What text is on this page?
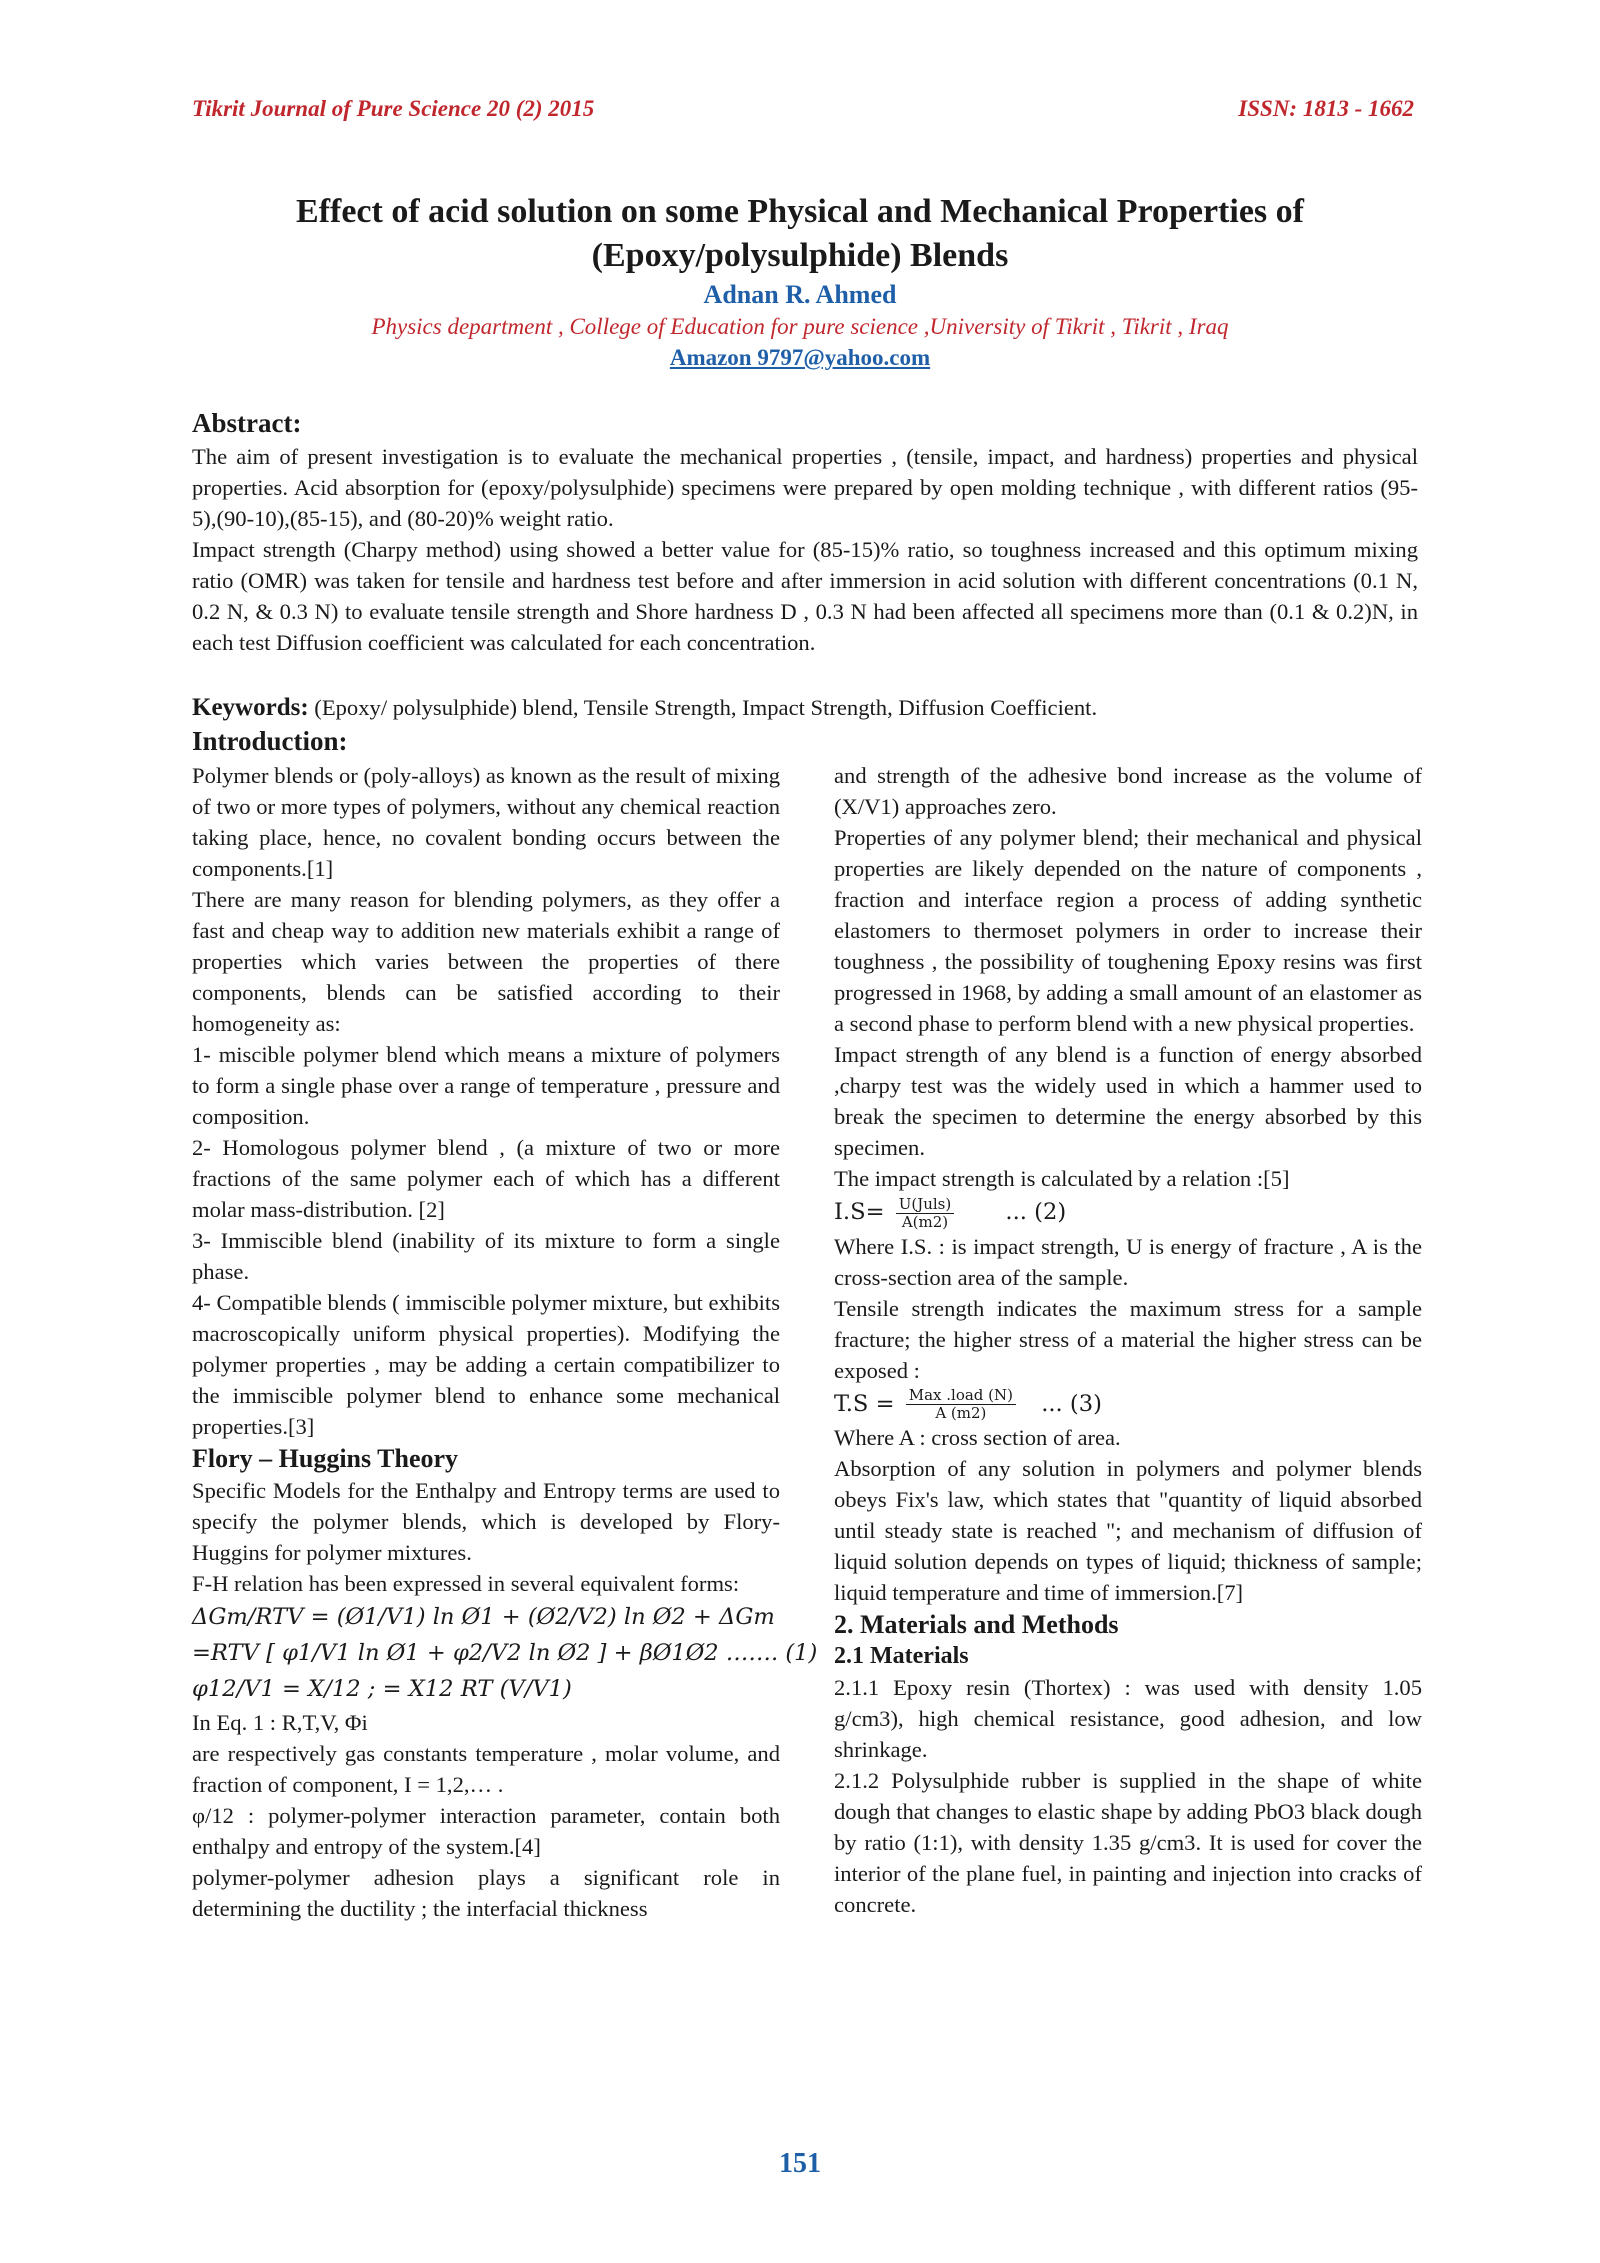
Tikrit Journal of Pure Science 20 (2) 2015	ISSN: 1813 - 1662
Effect of acid solution on some Physical and Mechanical Properties of
(Epoxy/polysulphide) Blends
Adnan R. Ahmed
Physics department , College of Education for pure science ,University of Tikrit , Tikrit , Iraq
Amazon 9797@yahoo.com
Abstract:

The aim of present investigation is to evaluate the mechanical properties , (tensile, impact, and hardness) properties and physical properties. Acid absorption for (epoxy/polysulphide) specimens were prepared by open molding technique , with different ratios (95-5),(90-10),(85-15), and (80-20)% weight ratio.

Impact strength (Charpy method) using showed a better value for (85-15)% ratio, so toughness increased and this optimum mixing ratio (OMR) was taken for tensile and hardness test before and after immersion in acid solution with different concentrations (0.1 N, 0.2 N, & 0.3 N) to evaluate tensile strength and Shore hardness D , 0.3 N had been affected all specimens more than (0.1 & 0.2)N, in each test Diffusion coefficient was calculated for each concentration.

Keywords: (Epoxy/ polysulphide) blend, Tensile Strength, Impact Strength, Diffusion Coefficient.
Introduction:

Polymer blends or (poly-alloys) as known as the result of mixing of two or more types of polymers, without any chemical reaction taking place, hence, no covalent bonding occurs between the components.[1]

There are many reason for blending polymers, as they offer a fast and cheap way to addition new materials exhibit a range of properties which varies between the properties of there components, blends can be satisfied according to their homogeneity as:

1- miscible polymer blend which means a mixture of polymers to form a single phase over a range of temperature , pressure and composition.

2- Homologous polymer blend , (a mixture of two or more fractions of the same polymer each of which has a different molar mass-distribution. [2]

3- Immiscible blend (inability of its mixture to form a single phase.

4- Compatible blends ( immiscible polymer mixture, but exhibits macroscopically uniform physical properties). Modifying the polymer properties , may be adding a certain compatibilizer to the immiscible polymer blend to enhance some mechanical properties.[3]

Flory – Huggins Theory

Specific Models for the Enthalpy and Entropy terms are used to specify the polymer blends, which is developed by Flory-Huggins for polymer mixtures.

F-H relation has been expressed in several equivalent forms:

ΔGm/RTV = (Ø1/V1) ln Ø1 + (Ø2/V2) ln Ø2 + ΔGm

=RTV [ φ1/V1 ln Ø1 + φ2/V2 ln Ø2 ] + βØ1Ø2 ……. (1)

φ12/V1 = X/12 ; = X12 RT (V/V1)

In Eq. 1 : R,T,V, Φi

are respectively gas constants temperature , molar volume, and fraction of component, I = 1,2,… .

φ/12 : polymer-polymer interaction parameter, contain both enthalpy and entropy of the system.[4]

polymer-polymer adhesion plays a significant role in determining the ductility ; the interfacial thickness

and strength of the adhesive bond increase as the volume of (X/V1) approaches zero.

Properties of any polymer blend; their mechanical and physical properties are likely depended on the nature of components , fraction and interface region a process of adding synthetic elastomers to thermoset polymers in order to increase their toughness , the possibility of toughening Epoxy resins was first progressed in 1968, by adding a small amount of an elastomer as a second phase to perform blend with a new physical properties.

Impact strength of any blend is a function of energy absorbed ,charpy test was the widely used in which a hammer used to break the specimen to determine the energy absorbed by this specimen.

The impact strength is calculated by a relation :[5]

$I.S= \frac{\text{U(Juls)}}{A(m2)}$ ... (2)

Where I.S. : is impact strength, U is energy of fracture , A is the cross-section area of the sample.

Tensile strength indicates the maximum stress for a sample fracture; the higher stress of a material the higher stress can be exposed :

$T.S = \frac{\text{Max .load (N)}}{A (m2)}$ ... (3)

Where A : cross section of area.

Absorption of any solution in polymers and polymer blends obeys Fix's law, which states that "quantity of liquid absorbed until steady state is reached "; and mechanism of diffusion of liquid solution depends on types of liquid; thickness of sample; liquid temperature and time of immersion.[7]

2. Materials and Methods

2.1 Materials

2.1.1 Epoxy resin (Thortex) : was used with density 1.05 g/cm3), high chemical resistance, good adhesion, and low shrinkage.

2.1.2 Polysulphide rubber is supplied in the shape of white dough that changes to elastic shape by adding PbO3 black dough by ratio (1:1), with density 1.35 g/cm3. It is used for cover the interior of the plane fuel, in painting and injection into cracks of concrete.

151
